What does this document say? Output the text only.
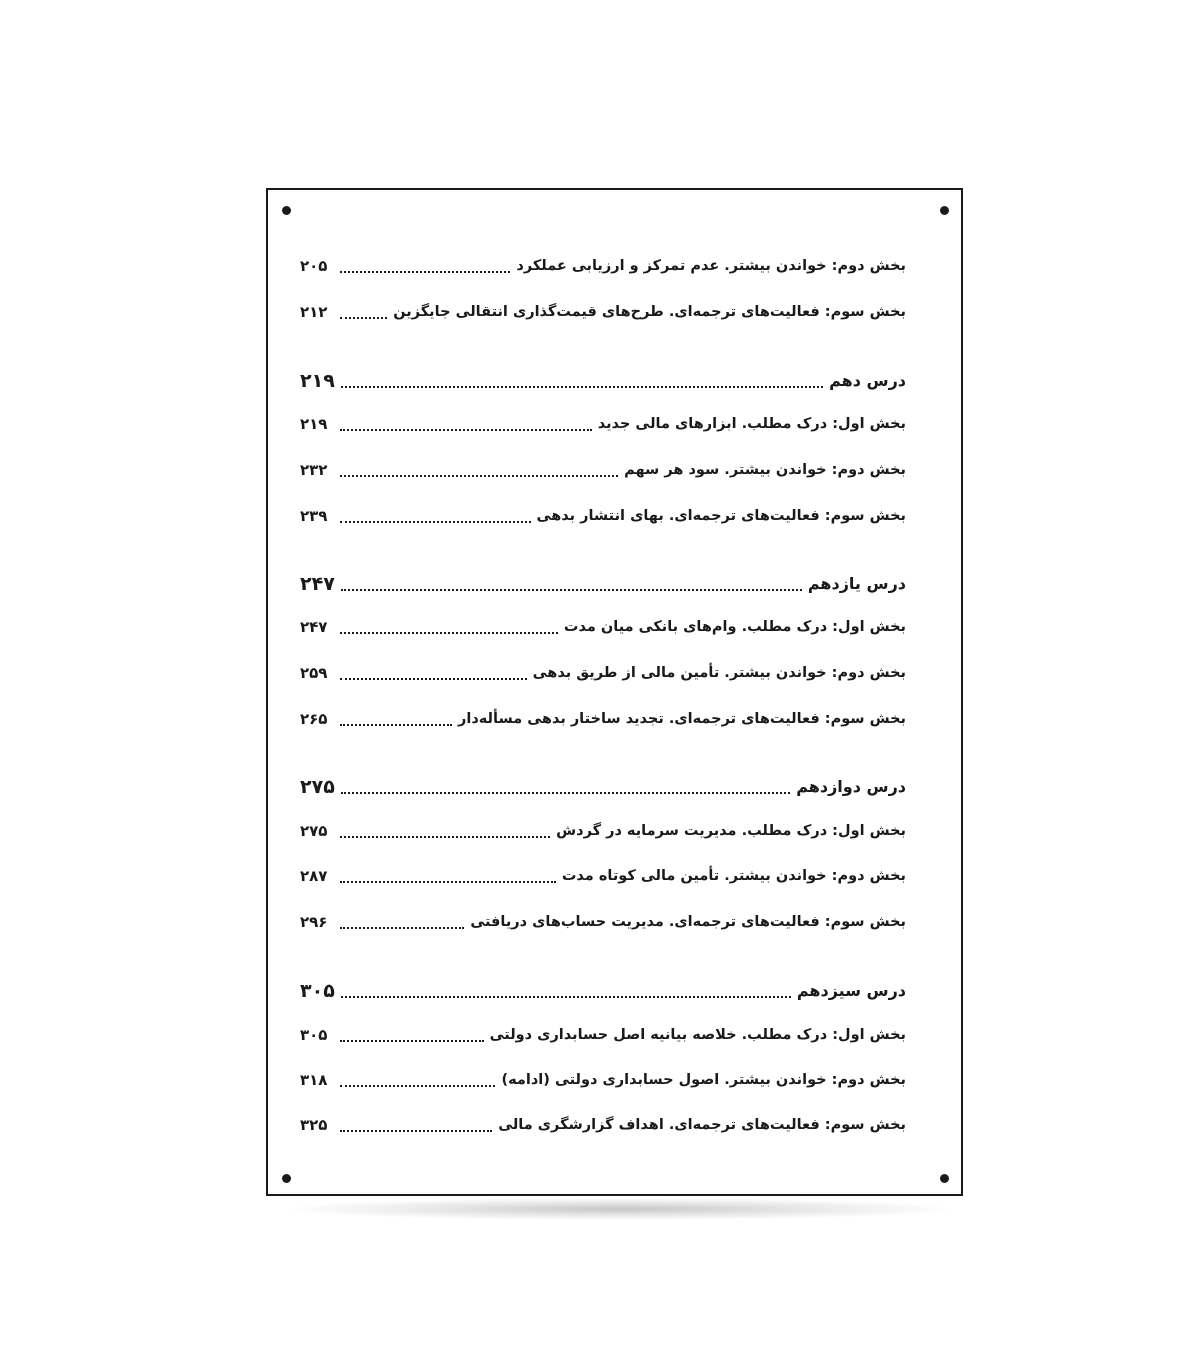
بخش دوم: خواندن بیشتر. عدم تمرکز و ارزیابی عملکرد
۲۰۵
بخش سوم: فعالیت‌های ترجمه‌ای. طرح‌های قیمت‌گذاری انتقالی جایگزین
۲۱۲
درس دهم
۲۱۹
بخش اول: درک مطلب. ابزارهای مالی جدید
۲۱۹
بخش دوم: خواندن بیشتر. سود هر سهم
۲۳۲
بخش سوم: فعالیت‌های ترجمه‌ای. بهای انتشار بدهی
۲۳۹
درس یازدهم
۲۴۷
بخش اول: درک مطلب. وام‌های بانکی میان مدت
۲۴۷
بخش دوم: خواندن بیشتر. تأمین مالی از طریق بدهی
۲۵۹
بخش سوم: فعالیت‌های ترجمه‌ای. تجدید ساختار بدهی مسأله‌دار
۲۶۵
درس دوازدهم
۲۷۵
بخش اول: درک مطلب. مدیریت سرمایه در گردش
۲۷۵
بخش دوم: خواندن بیشتر. تأمین مالی کوتاه مدت
۲۸۷
بخش سوم: فعالیت‌های ترجمه‌ای. مدیریت حساب‌های دریافتی
۲۹۶
درس سیزدهم
۳۰۵
بخش اول: درک مطلب. خلاصه بیانیه اصل حسابداری دولتی
۳۰۵
بخش دوم: خواندن بیشتر. اصول حسابداری دولتی (ادامه)
۳۱۸
بخش سوم: فعالیت‌های ترجمه‌ای. اهداف گزارشگری مالی
۳۲۵
